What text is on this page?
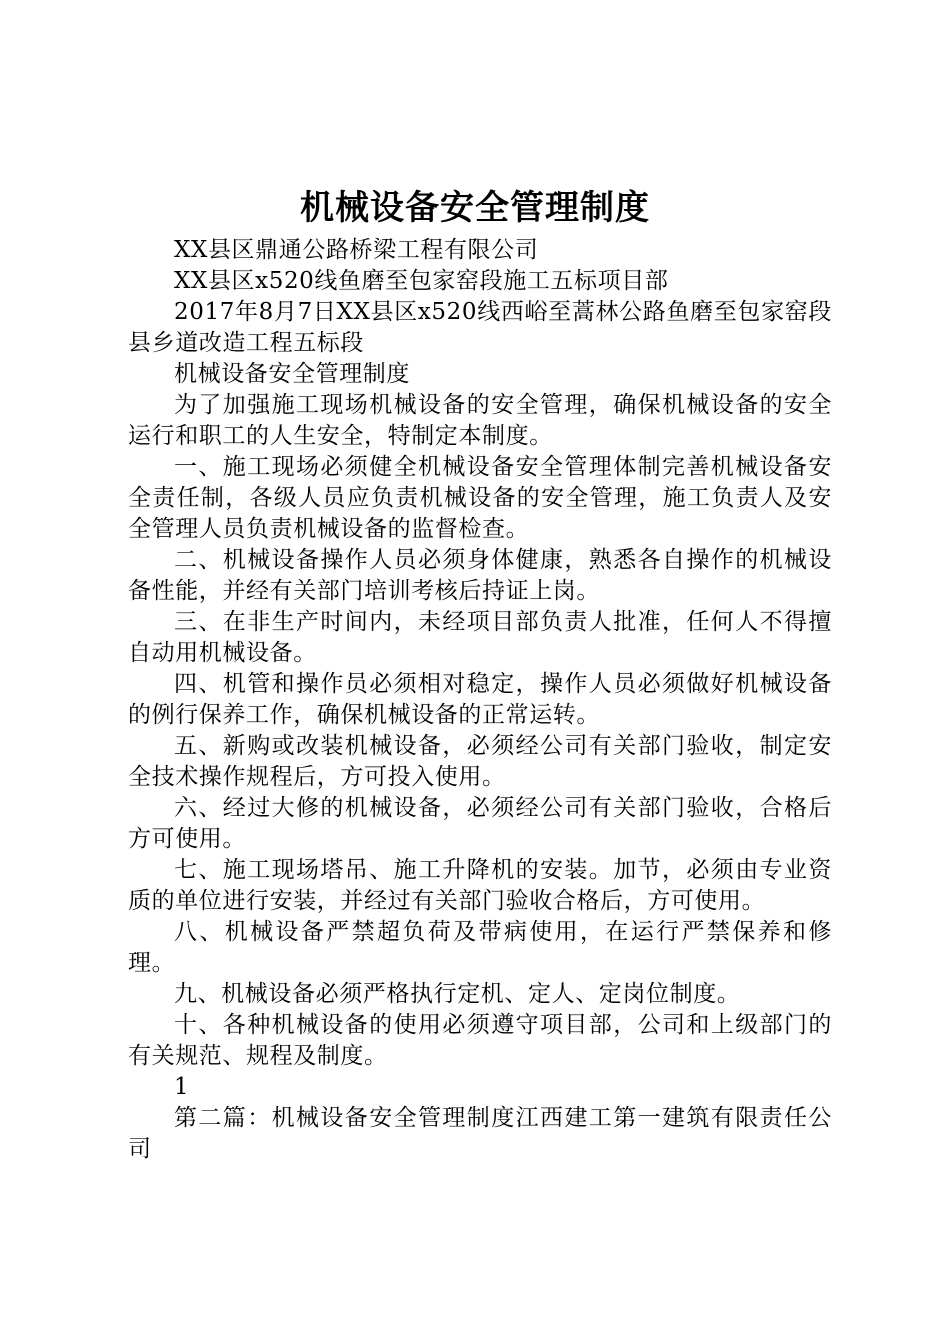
机械设备安全管理制度

XX县区鼎通公路桥梁工程有限公司

XX县区x520线鱼磨至包家窑段施工五标项目部

2017年8月7日XX县区x520线西峪至蒿林公路鱼磨至包家窑段县乡道改造工程五标段

机械设备安全管理制度

为了加强施工现场机械设备的安全管理，确保机械设备的安全运行和职工的人生安全，特制定本制度。

一、施工现场必须健全机械设备安全管理体制完善机械设备安全责任制，各级人员应负责机械设备的安全管理，施工负责人及安全管理人员负责机械设备的监督检查。

二、机械设备操作人员必须身体健康，熟悉各自操作的机械设备性能，并经有关部门培训考核后持证上岗。

三、在非生产时间内，未经项目部负责人批准，任何人不得擅自动用机械设备。

四、机管和操作员必须相对稳定，操作人员必须做好机械设备的例行保养工作，确保机械设备的正常运转。

五、新购或改装机械设备，必须经公司有关部门验收，制定安全技术操作规程后，方可投入使用。

六、经过大修的机械设备，必须经公司有关部门验收，合格后方可使用。

七、施工现场塔吊、施工升降机的安装。加节，必须由专业资质的单位进行安装，并经过有关部门验收合格后，方可使用。

八、机械设备严禁超负荷及带病使用，在运行严禁保养和修理。

九、机械设备必须严格执行定机、定人、定岗位制度。

十、各种机械设备的使用必须遵守项目部，公司和上级部门的有关规范、规程及制度。

1

第二篇：机械设备安全管理制度江西建工第一建筑有限责任公司
